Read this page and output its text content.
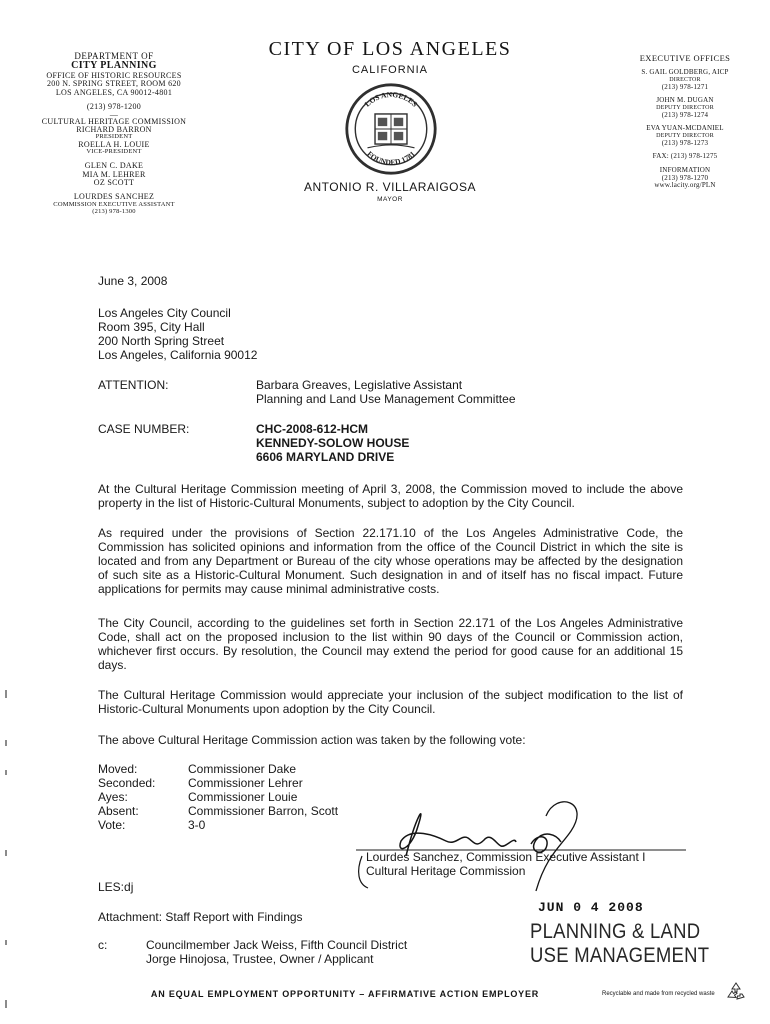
DEPARTMENT OF
CITY PLANNING
OFFICE OF HISTORIC RESOURCES
200 N. SPRING STREET, ROOM 620
LOS ANGELES, CA 90012-4801
(213) 978-1200
—
CULTURAL HERITAGE COMMISSION
RICHARD BARRON
PRESIDENT
ROELLA H. LOUIE
VICE-PRESIDENT
GLEN C. DAKE
MIA M. LEHRER
OZ SCOTT
LOURDES SANCHEZ
COMMISSION EXECUTIVE ASSISTANT
(213) 978-1300
CITY OF LOS ANGELES
CALIFORNIA
LOS ANGELES
FOUNDED 1781
ANTONIO R. VILLARAIGOSA
MAYOR
EXECUTIVE OFFICES
S. GAIL GOLDBERG, AICP
DIRECTOR
(213) 978-1271
JOHN M. DUGAN
DEPUTY DIRECTOR
(213) 978-1274
EVA YUAN-MCDANIEL
DEPUTY DIRECTOR
(213) 978-1273
FAX: (213) 978-1275
INFORMATION
(213) 978-1270
www.lacity.org/PLN
June 3, 2008
Los Angeles City Council
Room 395, City Hall
200 North Spring Street
Los Angeles, California 90012
ATTENTION:	Barbara Greaves, Legislative Assistant
Planning and Land Use Management Committee
CASE NUMBER:	CHC-2008-612-HCM
KENNEDY-SOLOW HOUSE
6606 MARYLAND DRIVE
At the Cultural Heritage Commission meeting of April 3, 2008, the Commission moved to include the above property in the list of Historic-Cultural Monuments, subject to adoption by the City Council.
As required under the provisions of Section 22.171.10 of the Los Angeles Administrative Code, the Commission has solicited opinions and information from the office of the Council District in which the site is located and from any Department or Bureau of the city whose operations may be affected by the designation of such site as a Historic-Cultural Monument. Such designation in and of itself has no fiscal impact. Future applications for permits may cause minimal administrative costs.
The City Council, according to the guidelines set forth in Section 22.171 of the Los Angeles Administrative Code, shall act on the proposed inclusion to the list within 90 days of the Council or Commission action, whichever first occurs. By resolution, the Council may extend the period for good cause for an additional 15 days.
The Cultural Heritage Commission would appreciate your inclusion of the subject modification to the list of Historic-Cultural Monuments upon adoption by the City Council.
The above Cultural Heritage Commission action was taken by the following vote:
Moved:	Commissioner Dake
Seconded:	Commissioner Lehrer
Ayes:	Commissioner Louie
Absent:	Commissioner Barron, Scott
Vote:	3-0
Lourdes Sanchez, Commission Executive Assistant I
Cultural Heritage Commission
LES:dj
Attachment: Staff Report with Findings
c:	Councilmember Jack Weiss, Fifth Council District
Jorge Hinojosa, Trustee, Owner / Applicant
JUN 0 4 2008
PLANNING & LAND
USE MANAGEMENT
AN EQUAL EMPLOYMENT OPPORTUNITY – AFFIRMATIVE ACTION EMPLOYER	Recyclable and made from recycled waste
